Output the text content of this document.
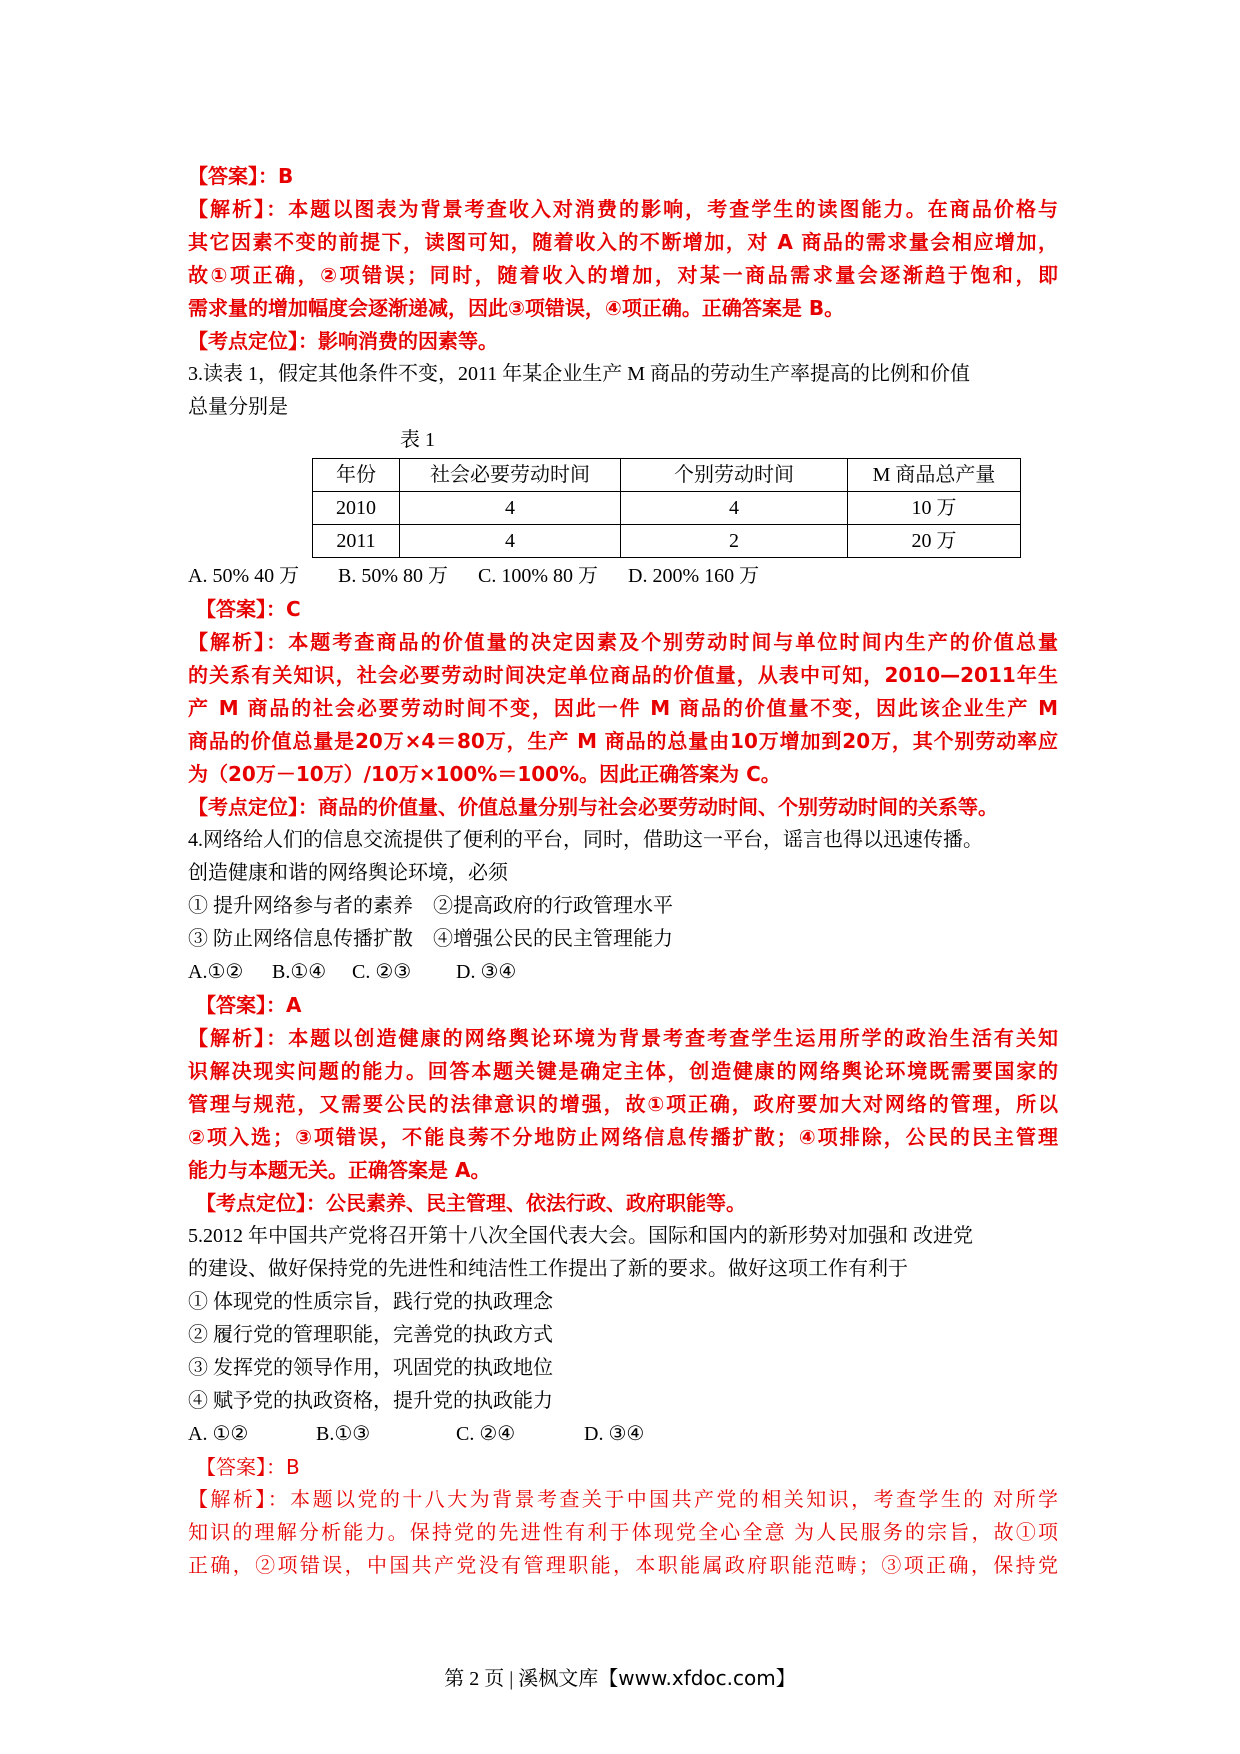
【答案】：B
【解析】：本题以图表为背景考查收入对消费的影响，考查学生的读图能力。在商品价格与
其它因素不变的前提下，读图可知，随着收入的不断增加，对 A 商品的需求量会相应增加，
故①项正确，②项错误；同时，随着收入的增加，对某一商品需求量会逐渐趋于饱和，即
需求量的增加幅度会逐渐递减，因此③项错误，④项正确。正确答案是 B。
【考点定位】：影响消费的因素等。
3.读表 1，假定其他条件不变，2011 年某企业生产 M 商品的劳动生产率提高的比例和价值
总量分别是
表 1
年份	社会必要劳动时间	个别劳动时间	M 商品总产量
2010	4	4	10 万
2011	4	2	20 万
A. 50% 40 万 B. 50% 80 万 C. 100% 80 万 D. 200% 160 万
【答案】：C
【解析】：本题考查商品的价值量的决定因素及个别劳动时间与单位时间内生产的价值总量
的关系有关知识，社会必要劳动时间决定单位商品的价值量，从表中可知，2010—2011年生
产 M 商品的社会必要劳动时间不变，因此一件 M 商品的价值量不变，因此该企业生产 M
商品的价值总量是20万×4＝80万，生产 M 商品的总量由10万增加到20万，其个别劳动率应
为（20万－10万）/10万×100%＝100%。因此正确答案为 C。
【考点定位】：商品的价值量、价值总量分别与社会必要劳动时间、个别劳动时间的关系等。
4.网络给人们的信息交流提供了便利的平台，同时，借助这一平台，谣言也得以迅速传播。
创造健康和谐的网络舆论环境，必须
① 提升网络参与者的素养　②提高政府的行政管理水平
③ 防止网络信息传播扩散　④增强公民的民主管理能力
A.①② B.①④ C. ②③ D. ③④
【答案】：A
【解析】：本题以创造健康的网络舆论环境为背景考查考查学生运用所学的政治生活有关知
识解决现实问题的能力。回答本题关键是确定主体，创造健康的网络舆论环境既需要国家的
管理与规范，又需要公民的法律意识的增强，故①项正确，政府要加大对网络的管理，所以
②项入选；③项错误，不能良莠不分地防止网络信息传播扩散；④项排除，公民的民主管理
能力与本题无关。正确答案是 A。
【考点定位】：公民素养、民主管理、依法行政、政府职能等。
5.2012 年中国共产党将召开第十八次全国代表大会。国际和国内的新形势对加强和 改进党
的建设、做好保持党的先进性和纯洁性工作提出了新的要求。做好这项工作有利于
① 体现党的性质宗旨，践行党的执政理念
② 履行党的管理职能，完善党的执政方式
③ 发挥党的领导作用，巩固党的执政地位
④ 赋予党的执政资格，提升党的执政能力
A. ①②	B.①③	C. ②④	D. ③④
【答案】：B
【解析】：本题以党的十八大为背景考查关于中国共产党的相关知识，考查学生的 对所学
知识的理解分析能力。保持党的先进性有利于体现党全心全意 为人民服务的宗旨，故①项
正确，②项错误，中国共产党没有管理职能，本职能属政府职能范畴；③项正确，保持党
第 2 页 | 溪枫文库【www.xfdoc.com】
